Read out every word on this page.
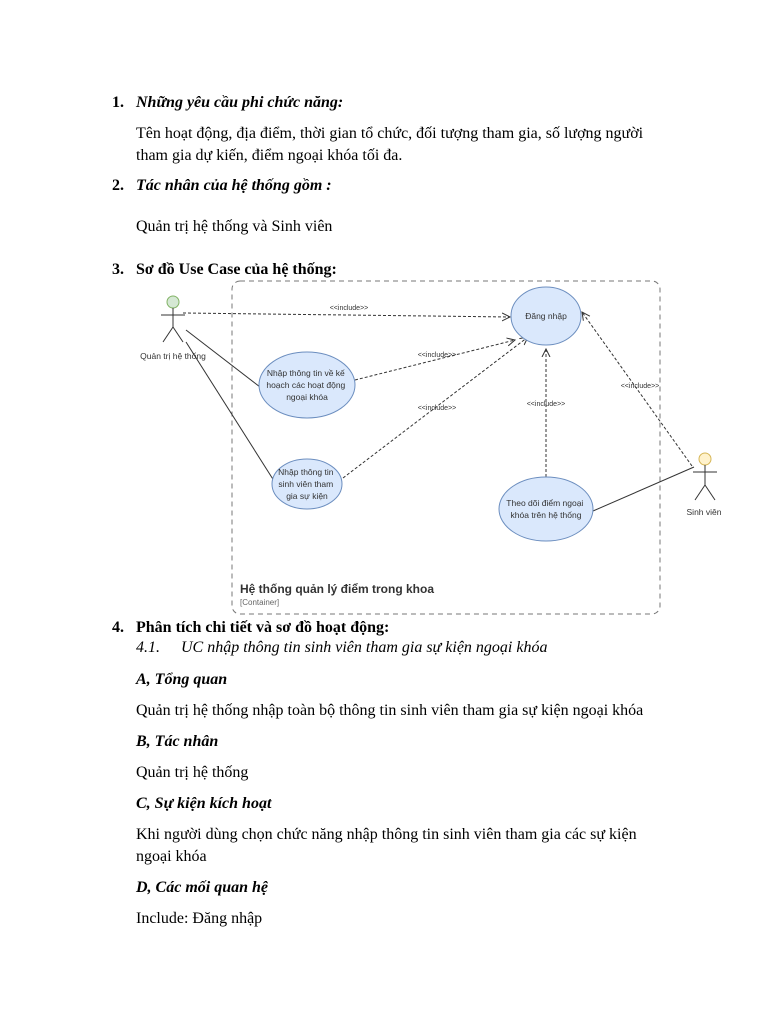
1. Những yêu cầu phi chức năng:
Tên hoạt động, địa điểm, thời gian tổ chức, đối tượng tham gia, số lượng người
tham gia dự kiến, điểm ngoại khóa tối đa.
2. Tác nhân của hệ thống gồm :
Quản trị hệ thống và Sinh viên
3. Sơ đồ Use Case của hệ thống:
Hệ thống quản lý điểm trong khoa
[Container]
Quản trị hệ thống
Sinh viên
<<include>>
<<include>>
<<include>>
<<include>>
<<include>>
Đăng nhập
Nhập thông tin về kế hoạch các hoạt động ngoại khóa
Nhập thông tin sinh viên tham gia sự kiện
Theo dõi điểm ngoại khóa trên hệ thống
4. Phân tích chi tiết và sơ đồ hoạt động:
4.1. UC nhập thông tin sinh viên tham gia sự kiện ngoại khóa
A, Tổng quan
Quản trị hệ thống nhập toàn bộ thông tin sinh viên tham gia sự kiện ngoại khóa
B, Tác nhân
Quản trị hệ thống
C, Sự kiện kích hoạt
Khi người dùng chọn chức năng nhập thông tin sinh viên tham gia các sự kiện
ngoại khóa
D, Các mối quan hệ
Include: Đăng nhập
